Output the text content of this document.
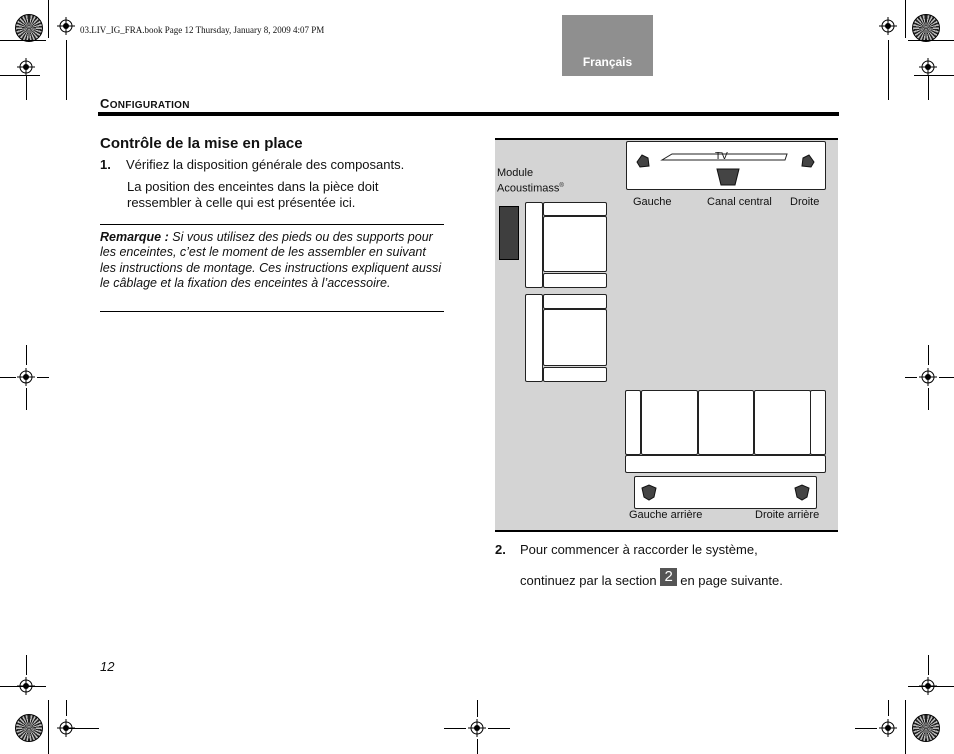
03.LIV_IG_FRA.book Page 12 Thursday, January 8, 2009 4:07 PM
Français
CONFIGURATION
Contrôle de la mise en place
1. Vérifiez la disposition générale des composants.
La position des enceintes dans la pièce doit ressembler à celle qui est présentée ici.
Remarque : Si vous utilisez des pieds ou des supports pour les enceintes, c’est le moment de les assembler en suivant les instructions de montage. Ces instructions expliquent aussi le câblage et la fixation des enceintes à l’accessoire.
12
Module
Acoustimass®
TV
Gauche	Canal central Droite
Gauche arrière	Droite arrière
2. Pour commencer à raccorder le système,
continuez par la section 2 en page suivante.
